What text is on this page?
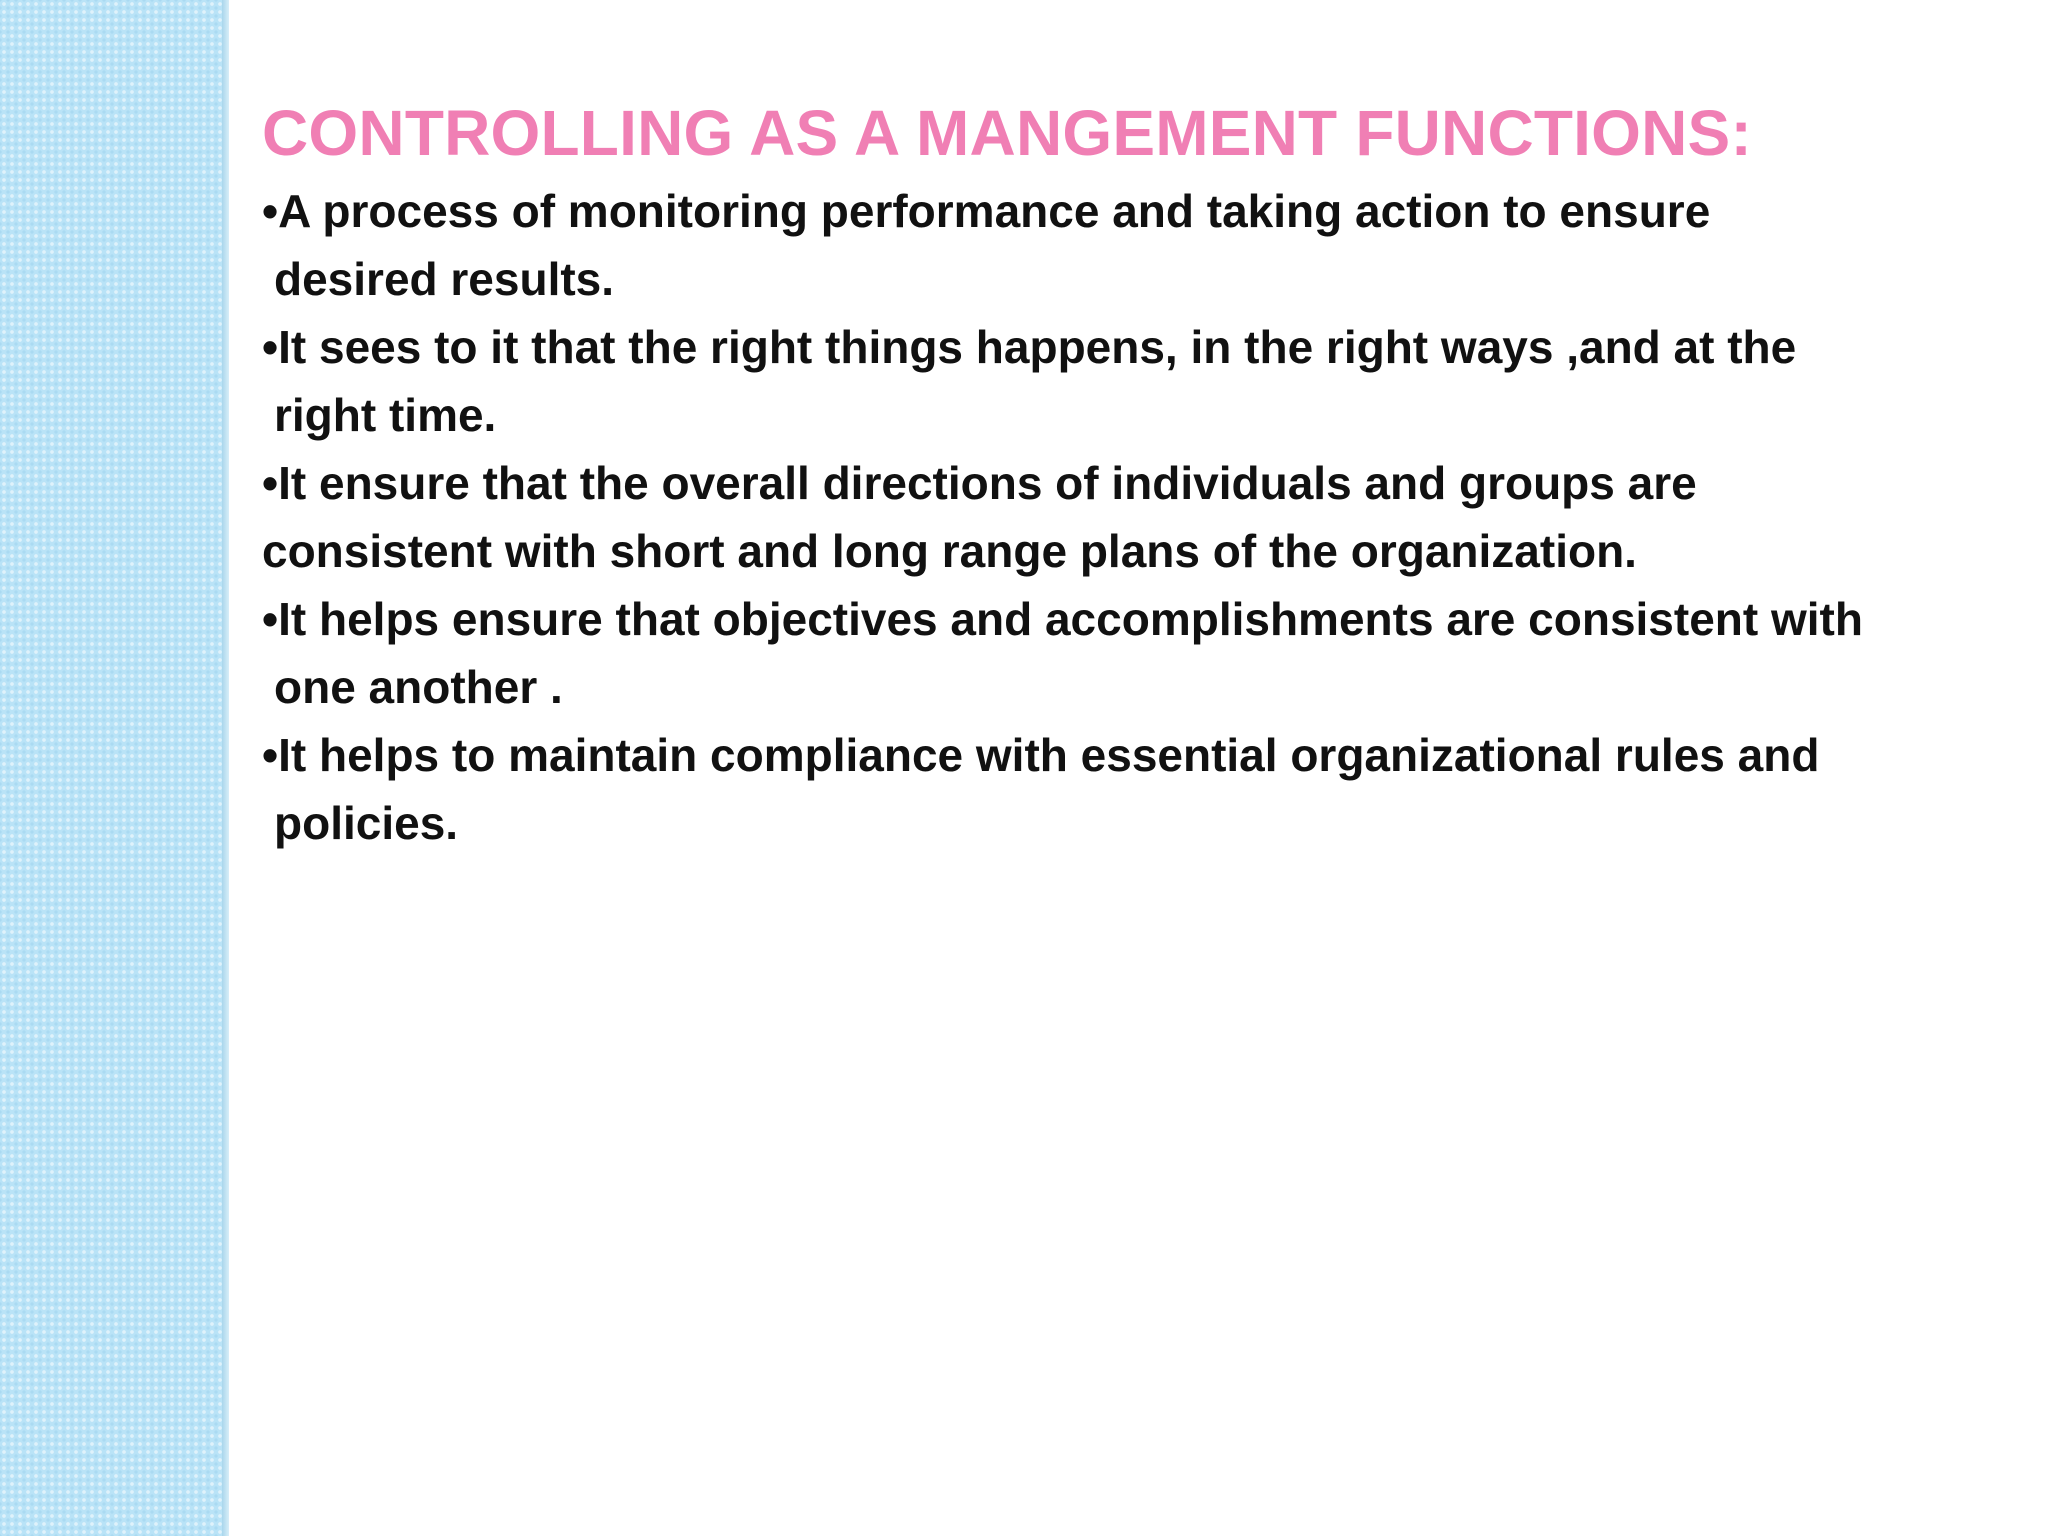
CONTROLLING AS A MANGEMENT FUNCTIONS:
•A process of monitoring performance and taking action to ensure
desired results.
•It sees to it that the right things happens, in the right ways ,and at the
right time.
•It ensure that the overall directions of individuals and groups are
consistent with short and long range plans of the organization.
•It helps ensure that objectives and accomplishments are consistent with
one another .
•It helps to maintain compliance with essential organizational rules and
policies.
